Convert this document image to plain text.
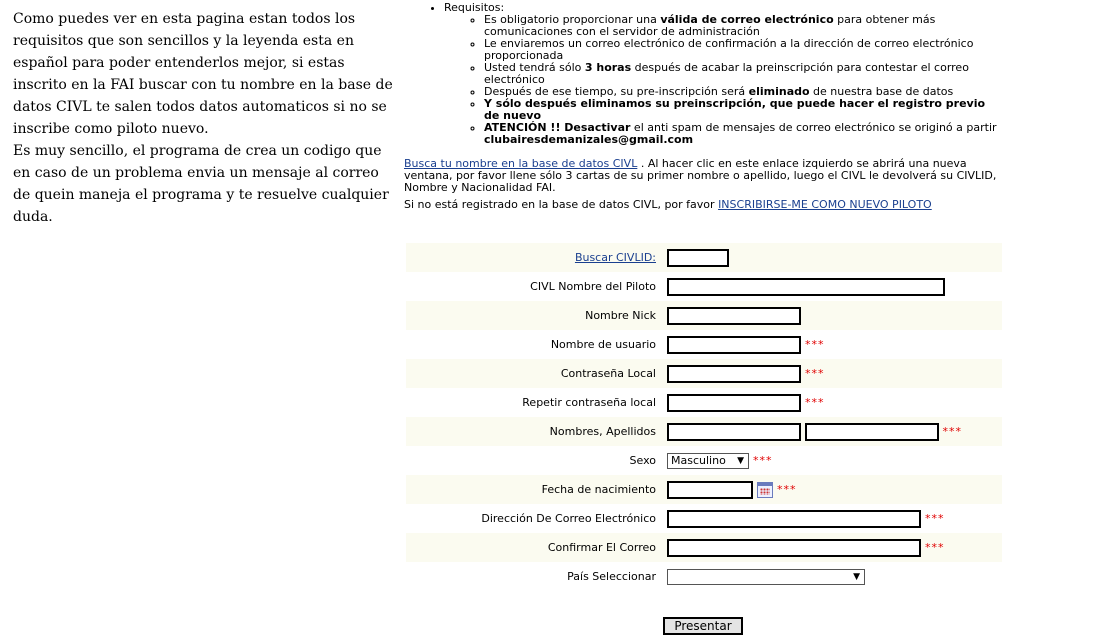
Como puedes ver en esta pagina estan todos los requisitos que son sencillos y la leyenda esta en español para poder entenderlos mejor, si estas inscrito en la FAI buscar con tu nombre en la base de datos CIVL te salen todos datos automaticos si no se inscribe como piloto nuevo.

Es muy sencillo, el programa de crea un codigo que en caso de un problema envia un mensaje al correo de quein maneja el programa y te resuelve cualquier duda.

• Requisitos:
◦ Es obligatorio proporcionar una válida de correo electrónico para obtener más comunicaciones con el servidor de administración
◦ Le enviaremos un correo electrónico de confirmación a la dirección de correo electrónico proporcionada
◦ Usted tendrá sólo 3 horas después de acabar la preinscripción para contestar el correo electrónico
◦ Después de ese tiempo, su pre-inscripción será eliminado de nuestra base de datos
◦ Y sólo después eliminamos su preinscripción, que puede hacer el registro previo de nuevo
◦ ATENCIÓN !! Desactivar el anti spam de mensajes de correo electrónico se originó a partir clubairesdemanizales@gmail.com

Busca tu nombre en la base de datos CIVL . Al hacer clic en este enlace izquierdo se abrirá una nueva ventana, por favor llene sólo 3 cartas de su primer nombre o apellido, luego el CIVL le devolverá su CIVLID, Nombre y Nacionalidad FAI.

Si no está registrado en la base de datos CIVL, por favor INSCRIBIRSE-ME COMO NUEVO PILOTO

Buscar CIVLID:	
CIVL Nombre del Piloto	
Nombre Nick	
Nombre de usuario	***
Contraseña Local	***
Repetir contraseña local	***
Nombres, Apellidos	***
Sexo	Masculino ▼ ***
Fecha de nacimiento	***
Dirección De Correo Electrónico	***
Confirmar El Correo	***
País Seleccionar	▼
Presentar
